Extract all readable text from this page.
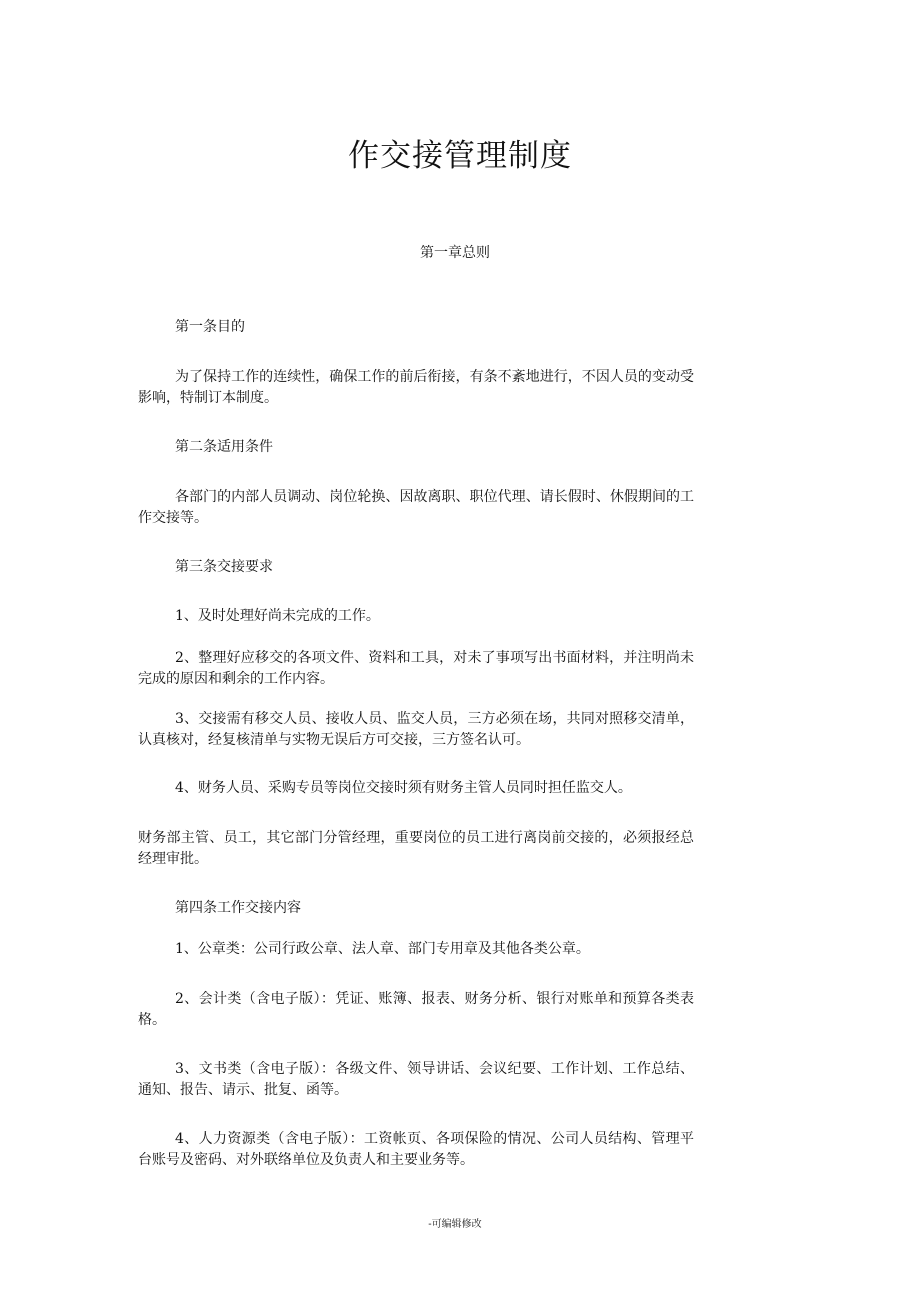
作交接管理制度
第一章总则

第一条目的

为了保持工作的连续性，确保工作的前后衔接，有条不紊地进行，不因人员的变动受影响，特制订本制度。

第二条适用条件

各部门的内部人员调动、岗位轮换、因故离职、职位代理、请长假时、休假期间的工作交接等。

第三条交接要求

1、及时处理好尚未完成的工作。

2、整理好应移交的各项文件、资料和工具，对未了事项写出书面材料，并注明尚未完成的原因和剩余的工作内容。

3、交接需有移交人员、接收人员、监交人员，三方必须在场，共同对照移交清单，认真核对，经复核清单与实物无误后方可交接，三方签名认可。

4、财务人员、采购专员等岗位交接时须有财务主管人员同时担任监交人。

财务部主管、员工，其它部门分管经理，重要岗位的员工进行离岗前交接的，必须报经总经理审批。

第四条工作交接内容

1、公章类：公司行政公章、法人章、部门专用章及其他各类公章。

2、会计类（含电子版）：凭证、账簿、报表、财务分析、银行对账单和预算各类表格。

3、文书类（含电子版）：各级文件、领导讲话、会议纪要、工作计划、工作总结、通知、报告、请示、批复、函等。

4、人力资源类（含电子版）：工资帐页、各项保险的情况、公司人员结构、管理平台账号及密码、对外联络单位及负责人和主要业务等。

-可编辑修改
